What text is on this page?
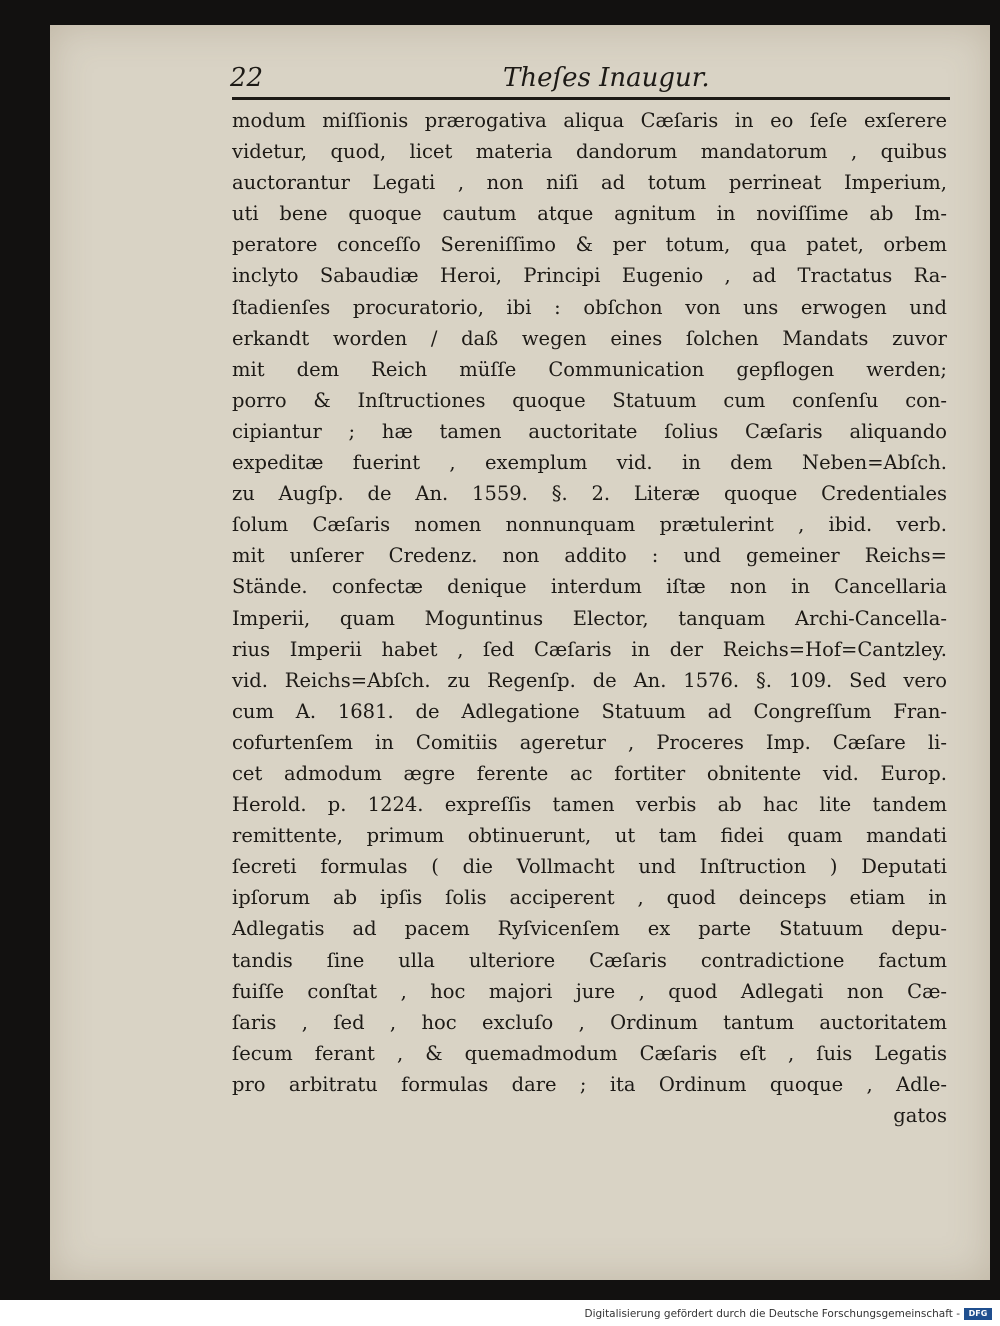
22	Theſes Inaugur.
modum miſſionis prærogativa aliqua Cæſaris in eo ſeſe exſerere
videtur, quod, licet materia dandorum mandatorum , quibus
auctorantur Legati , non niſi ad totum perrineat Imperium,
uti bene quoque cautum atque agnitum in noviſſime ab Im-
peratore conceſſo Sereniſſimo & per totum, qua patet, orbem
inclyto Sabaudiæ Heroi, Principi Eugenio , ad Tractatus Ra-
ſtadienſes procuratorio, ibi : obſchon von uns erwogen und
erkandt worden / daß wegen eines ſolchen Mandats zuvor
mit dem Reich müſſe Communication gepflogen werden;
porro & Inſtructiones quoque Statuum cum conſenſu con-
cipiantur ; hæ tamen auctoritate ſolius Cæſaris aliquando
expeditæ fuerint , exemplum vid. in dem Neben=Abſch.
zu Augſp. de An. 1559. §. 2. Literæ quoque Credentiales
ſolum Cæſaris nomen nonnunquam prætulerint , ibid. verb.
mit unſerer Credenz. non addito : und gemeiner Reichs=
Stände. confectæ denique interdum iſtæ non in Cancellaria
Imperii, quam Moguntinus Elector, tanquam Archi-Cancella-
rius Imperii habet , ſed Cæſaris in der Reichs=Hof=Cantzley.
vid. Reichs=Abſch. zu Regenſp. de An. 1576. §. 109. Sed vero
cum A. 1681. de Adlegatione Statuum ad Congreſſum Fran-
cofurtenſem in Comitiis ageretur , Proceres Imp. Cæſare li-
cet admodum ægre ferente ac fortiter obnitente vid. Europ.
Herold. p. 1224. expreſſis tamen verbis ab hac lite tandem
remittente, primum obtinuerunt, ut tam fidei quam mandati
ſecreti formulas ( die Vollmacht und Inſtruction ) Deputati
ipſorum ab ipſis ſolis acciperent , quod deinceps etiam in
Adlegatis ad pacem Ryſvicenſem ex parte Statuum depu-
tandis ſine ulla ulteriore Cæſaris contradictione factum
fuiſſe conſtat , hoc majori jure , quod Adlegati non Cæ-
ſaris , ſed , hoc excluſo , Ordinum tantum auctoritatem
ſecum ferant , & quemadmodum Cæſaris eſt , ſuis Legatis
pro arbitratu formulas dare ; ita Ordinum quoque , Adle-
gatos
Digitalisierung gefördert durch die Deutsche Forschungsgemeinschaft -	DFG
